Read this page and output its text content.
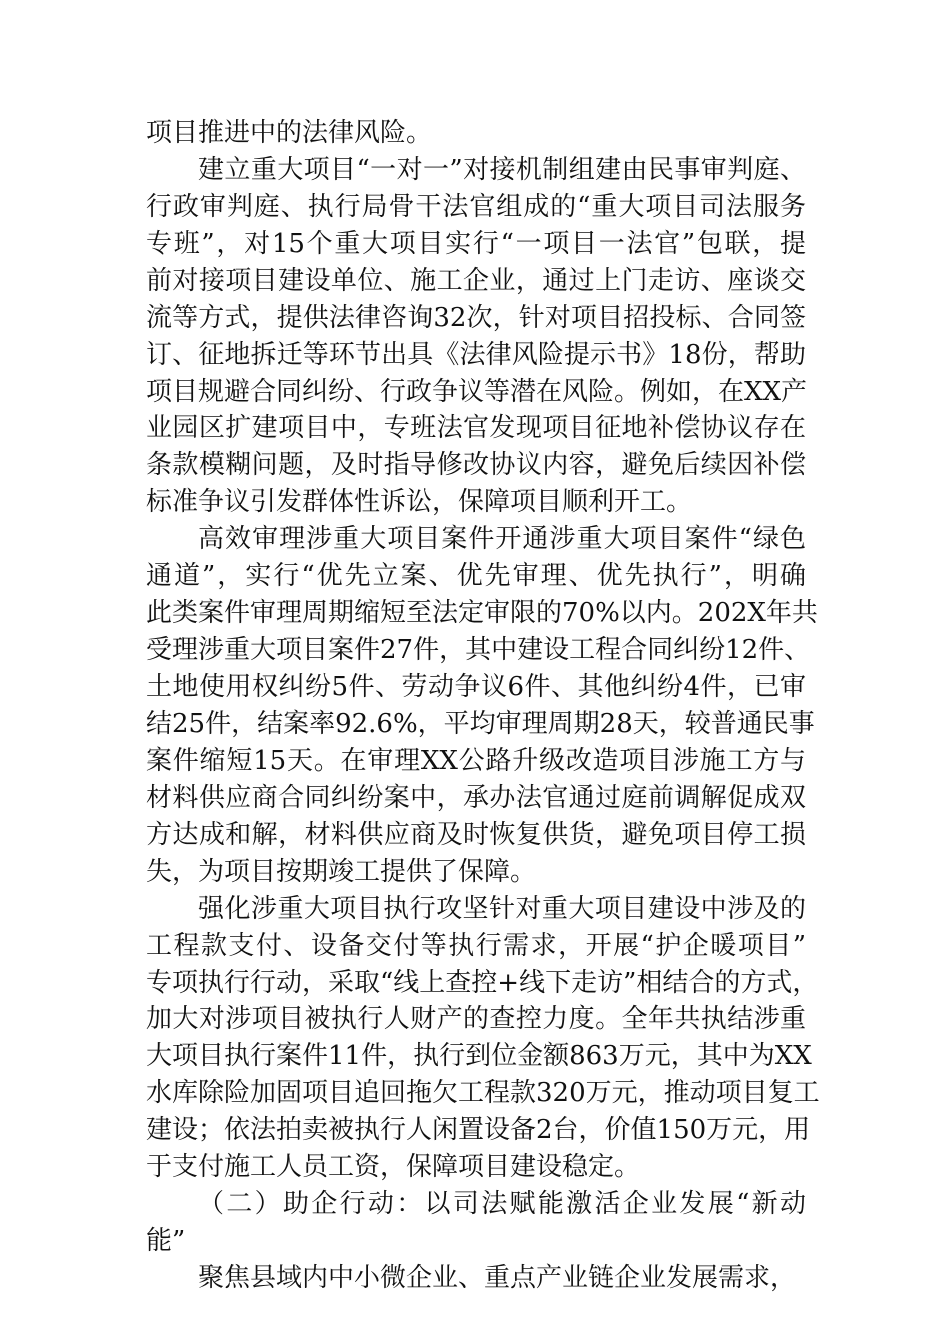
项目推进中的法律风险。
建立重大项目“一对一”对接机制组建由民事审判庭、
行政审判庭、执行局骨干法官组成的“重大项目司法服务
专班”，对15个重大项目实行“一项目一法官”包联，提
前对接项目建设单位、施工企业，通过上门走访、座谈交
流等方式，提供法律咨询32次，针对项目招投标、合同签
订、征地拆迁等环节出具《法律风险提示书》18份，帮助
项目规避合同纠纷、行政争议等潜在风险。例如，在XX产
业园区扩建项目中，专班法官发现项目征地补偿协议存在
条款模糊问题，及时指导修改协议内容，避免后续因补偿
标准争议引发群体性诉讼，保障项目顺利开工。
高效审理涉重大项目案件开通涉重大项目案件“绿色
通道”，实行“优先立案、优先审理、优先执行”，明确
此类案件审理周期缩短至法定审限的70%以内。202X年共
受理涉重大项目案件27件，其中建设工程合同纠纷12件、
土地使用权纠纷5件、劳动争议6件、其他纠纷4件，已审
结25件，结案率92.6%，平均审理周期28天，较普通民事
案件缩短15天。在审理XX公路升级改造项目涉施工方与
材料供应商合同纠纷案中，承办法官通过庭前调解促成双
方达成和解，材料供应商及时恢复供货，避免项目停工损
失，为项目按期竣工提供了保障。
强化涉重大项目执行攻坚针对重大项目建设中涉及的
工程款支付、设备交付等执行需求，开展“护企暖项目”
专项执行行动，采取“线上查控+线下走访”相结合的方式，
加大对涉项目被执行人财产的查控力度。全年共执结涉重
大项目执行案件11件，执行到位金额863万元，其中为XX
水库除险加固项目追回拖欠工程款320万元，推动项目复工
建设；依法拍卖被执行人闲置设备2台，价值150万元，用
于支付施工人员工资，保障项目建设稳定。
（二）助企行动：以司法赋能激活企业发展“新动
能”
聚焦县域内中小微企业、重点产业链企业发展需求，
